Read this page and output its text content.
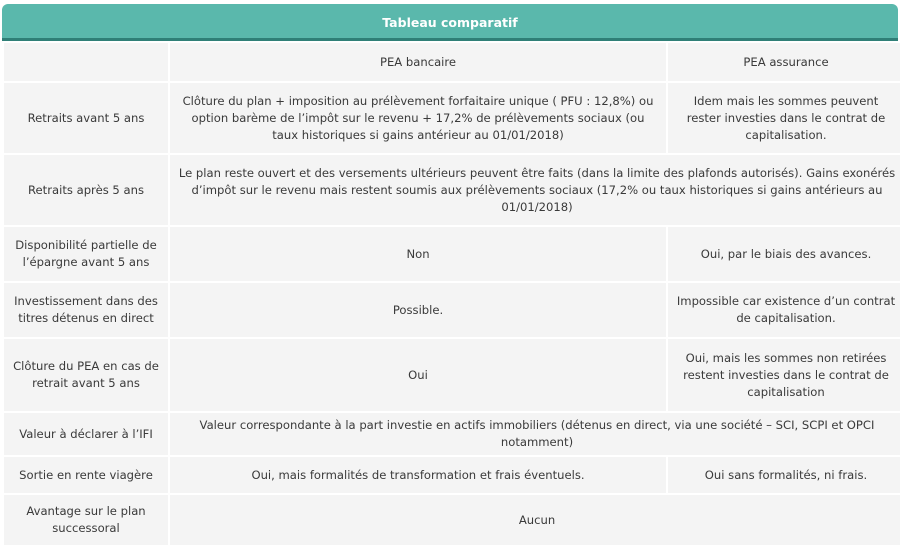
Tableau comparatif
	PEA bancaire	PEA assurance
Retraits avant 5 ans	Clôture du plan + imposition au prélèvement forfaitaire unique ( PFU : 12,8%) ou option barème de l’impôt sur le revenu + 17,2% de prélèvements sociaux (ou taux historiques si gains antérieur au 01/01/2018)	Idem mais les sommes peuvent rester investies dans le contrat de capitalisation.
Retraits après 5 ans	Le plan reste ouvert et des versements ultérieurs peuvent être faits (dans la limite des plafonds autorisés). Gains exonérés d’impôt sur le revenu mais restent soumis aux prélèvements sociaux (17,2% ou taux historiques si gains antérieurs au 01/01/2018)	
Disponibilité partielle de l’épargne avant 5 ans	Non	Oui, par le biais des avances.
Investissement dans des titres détenus en direct	Possible.	Impossible car existence d’un contrat de capitalisation.
Clôture du PEA en cas de retrait avant 5 ans	Oui	Oui, mais les sommes non retirées restent investies dans le contrat de capitalisation
Valeur à déclarer à l’IFI	Valeur correspondante à la part investie en actifs immobiliers (détenus en direct, via une société – SCI, SCPI et OPCI notamment)	
Sortie en rente viagère	Oui, mais formalités de transformation et frais éventuels.	Oui sans formalités, ni frais.
Avantage sur le plan successoral	Aucun	
